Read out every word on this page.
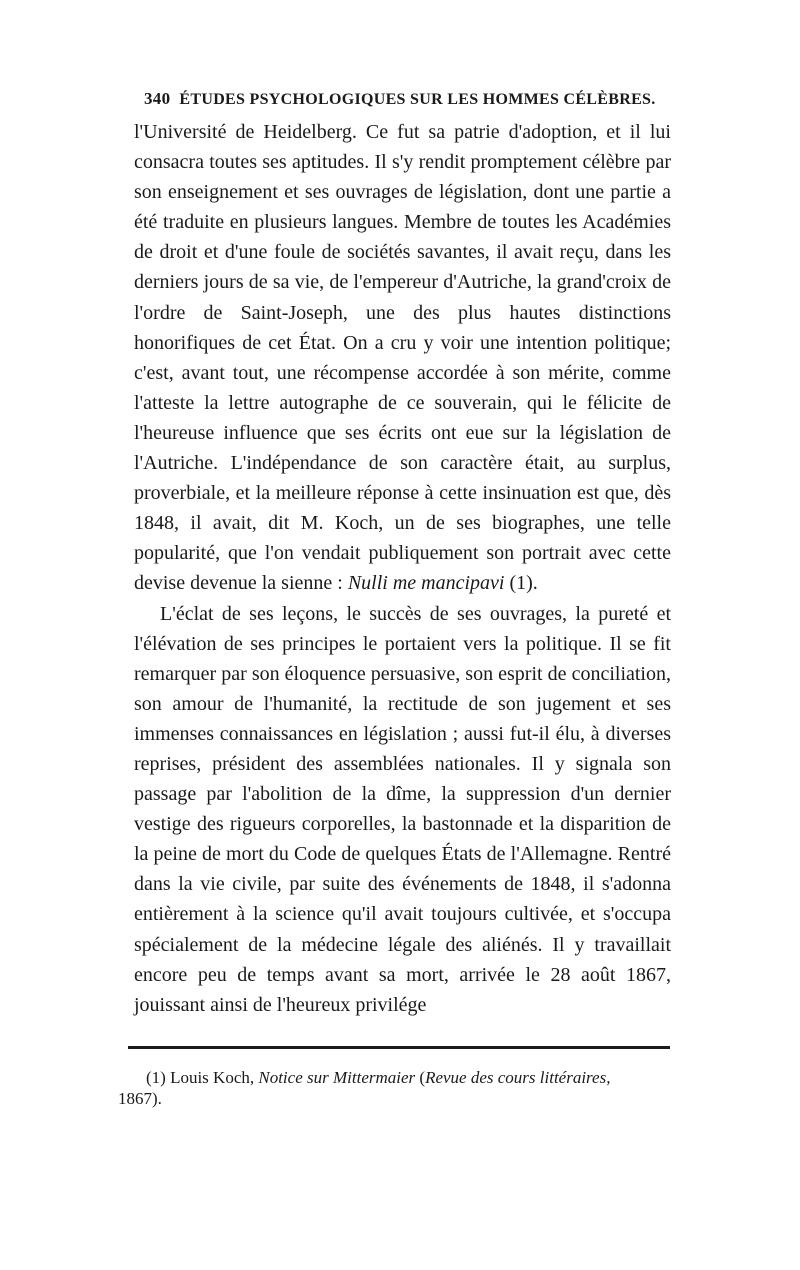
340 ÉTUDES PSYCHOLOGIQUES SUR LES HOMMES CÉLÈBRES.

l'Université de Heidelberg. Ce fut sa patrie d'adoption, et il lui consacra toutes ses aptitudes. Il s'y rendit promptement célèbre par son enseignement et ses ouvrages de législation, dont une partie a été traduite en plusieurs langues. Membre de toutes les Académies de droit et d'une foule de sociétés savantes, il avait reçu, dans les derniers jours de sa vie, de l'empereur d'Autriche, la grand'croix de l'ordre de Saint-Joseph, une des plus hautes distinctions honorifiques de cet État. On a cru y voir une intention politique; c'est, avant tout, une récompense accordée à son mérite, comme l'atteste la lettre autographe de ce souverain, qui le félicite de l'heureuse influence que ses écrits ont eue sur la législation de l'Autriche. L'indépendance de son caractère était, au surplus, proverbiale, et la meilleure réponse à cette insinuation est que, dès 1848, il avait, dit M. Koch, un de ses biographes, une telle popularité, que l'on vendait publiquement son portrait avec cette devise devenue la sienne : Nulli me mancipavi (1).

L'éclat de ses leçons, le succès de ses ouvrages, la pureté et l'élévation de ses principes le portaient vers la politique. Il se fit remarquer par son éloquence persuasive, son esprit de conciliation, son amour de l'humanité, la rectitude de son jugement et ses immenses connaissances en législation ; aussi fut-il élu, à diverses reprises, président des assemblées nationales. Il y signala son passage par l'abolition de la dîme, la suppression d'un dernier vestige des rigueurs corporelles, la bastonnade et la disparition de la peine de mort du Code de quelques États de l'Allemagne. Rentré dans la vie civile, par suite des événements de 1848, il s'adonna entièrement à la science qu'il avait toujours cultivée, et s'occupa spécialement de la médecine légale des aliénés. Il y travaillait encore peu de temps avant sa mort, arrivée le 28 août 1867, jouissant ainsi de l'heureux privilége

(1) Louis Koch, Notice sur Mittermaier (Revue des cours littéraires,
1867).
